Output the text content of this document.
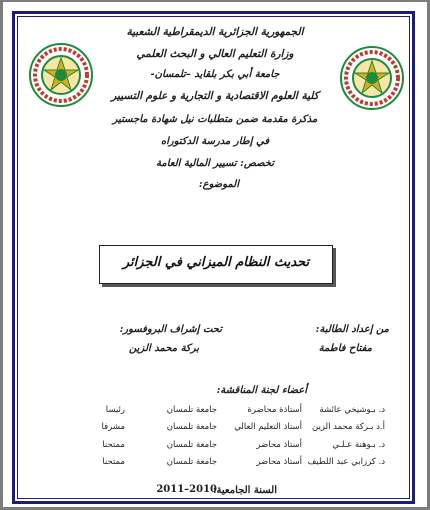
الجمهورية الجزائرية الديمقراطية الشعبية
وزارة التعليم العالي و البحث العلمي
جامعة أبي بكر بلقايد –تلمسان-
كلية العلوم الاقتصادية و التجارية و علوم التسيير
مذكرة مقدمة ضمن متطلبات نيل شهادة ماجستير
في إطار مدرسة الدكتوراه
تخصص: تسيير المالية العامة
الموضوع:
تحديث النظام الميزاني في الجزائر
من إعداد الطالبة:
مفتاح فاطمة
تحت إشراف البروفسور:
بركة محمد الزين
أعضاء لجنة المناقشة:
د. بـوشيخي عائشة
أستاذة محاضرة
جامعة تلمسان
رئيسا
أ.د بـركة محمد الزين
أستاذ التعليم العالي
جامعة تلمسان
مشرفا
د. بـوهنة عـلـي
أستاذ محاضر
جامعة تلمسان
ممتحنا
د. كرزابي عبد اللطيف
أستاذ محاضر
جامعة تلمسان
ممتحنا
السنة الجامعية:
2011–2010
